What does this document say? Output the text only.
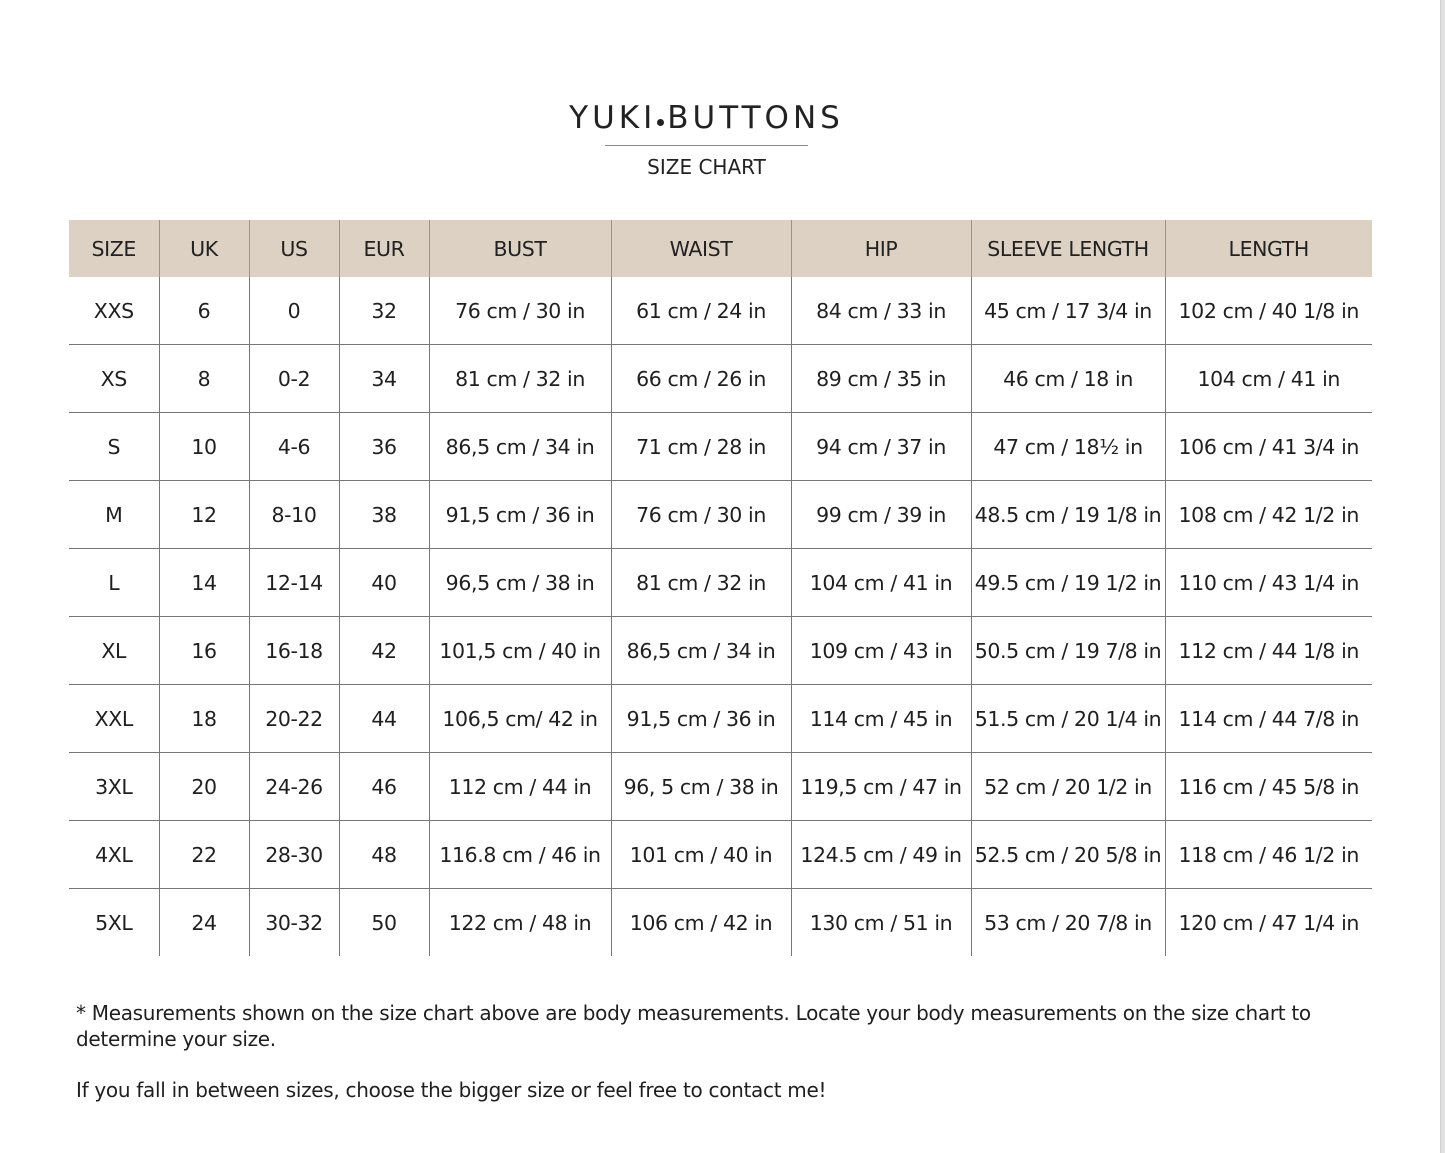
YUKI BUTTONS
SIZE CHART
SIZE	UK	US	EUR	BUST	WAIST	HIP	SLEEVE LENGTH	LENGTH
XXS	6	0	32	76 cm / 30 in	61 cm / 24 in	84 cm / 33 in	45 cm / 17 3/4 in	102 cm / 40 1/8 in
XS	8	0-2	34	81 cm / 32 in	66 cm / 26 in	89 cm / 35 in	46 cm / 18 in	104 cm / 41 in
S	10	4-6	36	86,5 cm / 34 in	71 cm / 28 in	94 cm / 37 in	47 cm / 18½ in	106 cm / 41 3/4 in
M	12	8-10	38	91,5 cm / 36 in	76 cm / 30 in	99 cm / 39 in	48.5 cm / 19 1/8 in	108 cm / 42 1/2 in
L	14	12-14	40	96,5 cm / 38 in	81 cm / 32 in	104 cm / 41 in	49.5 cm / 19 1/2 in	110 cm / 43 1/4 in
XL	16	16-18	42	101,5 cm / 40 in	86,5 cm / 34 in	109 cm / 43 in	50.5 cm / 19 7/8 in	112 cm / 44 1/8 in
XXL	18	20-22	44	106,5 cm/ 42 in	91,5 cm / 36 in	114 cm / 45 in	51.5 cm / 20 1/4 in	114 cm / 44 7/8 in
3XL	20	24-26	46	112 cm / 44 in	96, 5 cm / 38 in	119,5 cm / 47 in	52 cm / 20 1/2 in	116 cm / 45 5/8 in
4XL	22	28-30	48	116.8 cm / 46 in	101 cm / 40 in	124.5 cm / 49 in	52.5 cm / 20 5/8 in	118 cm / 46 1/2 in
5XL	24	30-32	50	122 cm / 48 in	106 cm / 42 in	130 cm / 51 in	53 cm / 20 7/8 in	120 cm / 47 1/4 in
* Measurements shown on the size chart above are body measurements. Locate your body measurements on the size chart to determine your size.
If you fall in between sizes, choose the bigger size or feel free to contact me!
